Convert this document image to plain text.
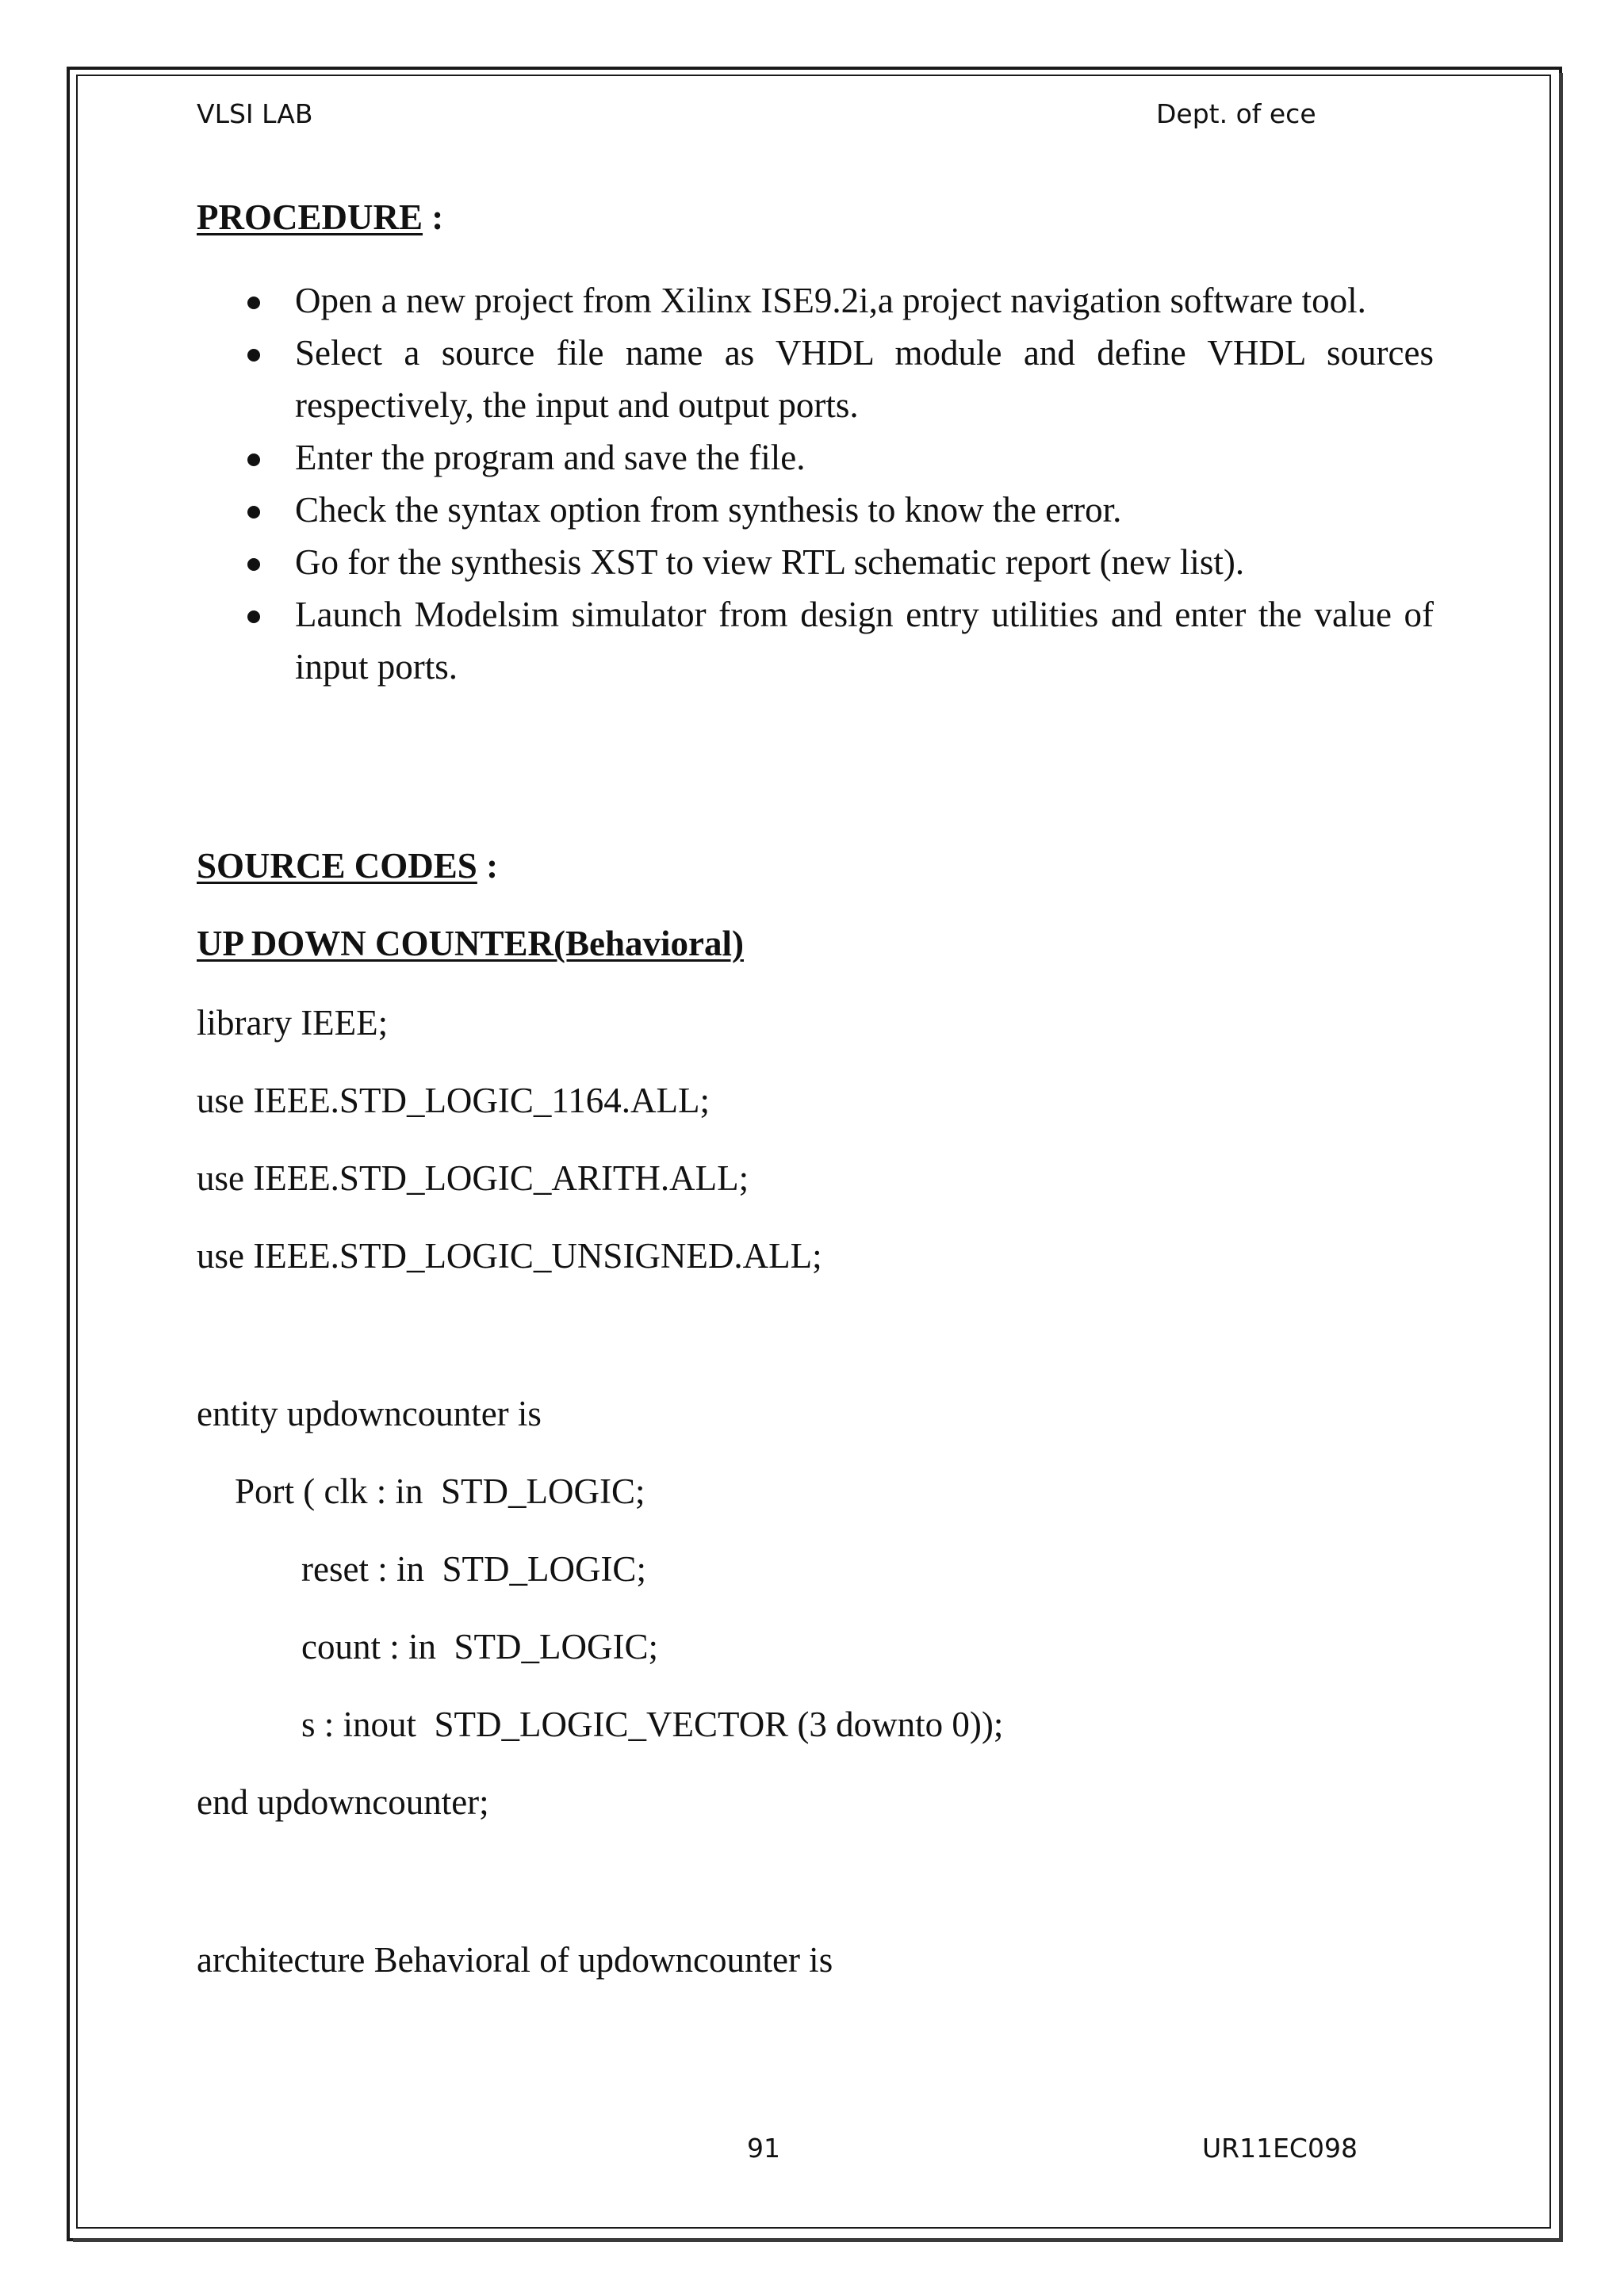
VLSI LAB	Dept. of ece
PROCEDURE :
Open a new project from Xilinx ISE9.2i,a project navigation software tool.
Select a source file name as VHDL module and define VHDL sources respectively, the input and output ports.
Enter the program and save the file.
Check the syntax option from synthesis to know the error.
Go for the synthesis XST to view RTL schematic report (new list).
Launch Modelsim simulator from design entry utilities and enter the value of input ports.
SOURCE CODES :
UP DOWN COUNTER(Behavioral)
library IEEE;
use IEEE.STD_LOGIC_1164.ALL;
use IEEE.STD_LOGIC_ARITH.ALL;
use IEEE.STD_LOGIC_UNSIGNED.ALL;
entity updowncounter is
Port ( clk : in  STD_LOGIC;
reset : in  STD_LOGIC;
count : in  STD_LOGIC;
s : inout  STD_LOGIC_VECTOR (3 downto 0));
end updowncounter;
architecture Behavioral of updowncounter is
91	UR11EC098
